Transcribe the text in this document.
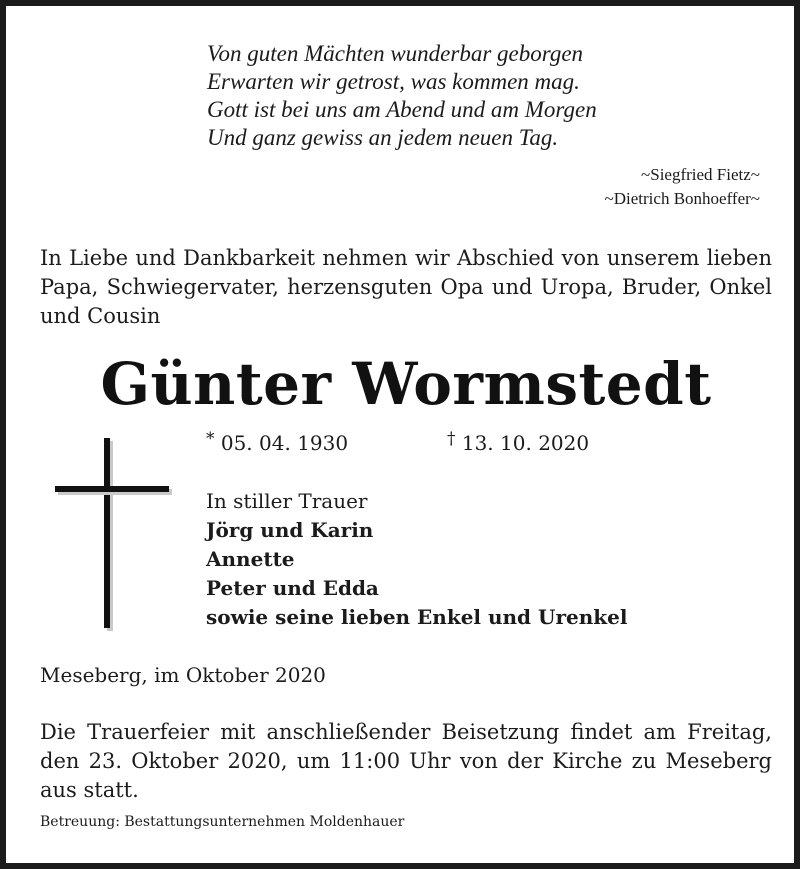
Von guten Mächten wunderbar geborgen
Erwarten wir getrost, was kommen mag.
Gott ist bei uns am Abend und am Morgen
Und ganz gewiss an jedem neuen Tag.
~Siegfried Fietz~
~Dietrich Bonhoeffer~
In Liebe und Dankbarkeit nehmen wir Abschied von unserem lieben Papa, Schwiegervater, herzensguten Opa und Uropa, Bruder, Onkel und Cousin
Günter Wormstedt
* 05. 04. 1930	† 13. 10. 2020
In stiller Trauer
Jörg und Karin
Annette
Peter und Edda
sowie seine lieben Enkel und Urenkel
Meseberg, im Oktober 2020
Die Trauerfeier mit anschließender Beisetzung findet am Freitag, den 23. Oktober 2020, um 11:00 Uhr von der Kirche zu Meseberg aus statt.
Betreuung: Bestattungsunternehmen Moldenhauer
